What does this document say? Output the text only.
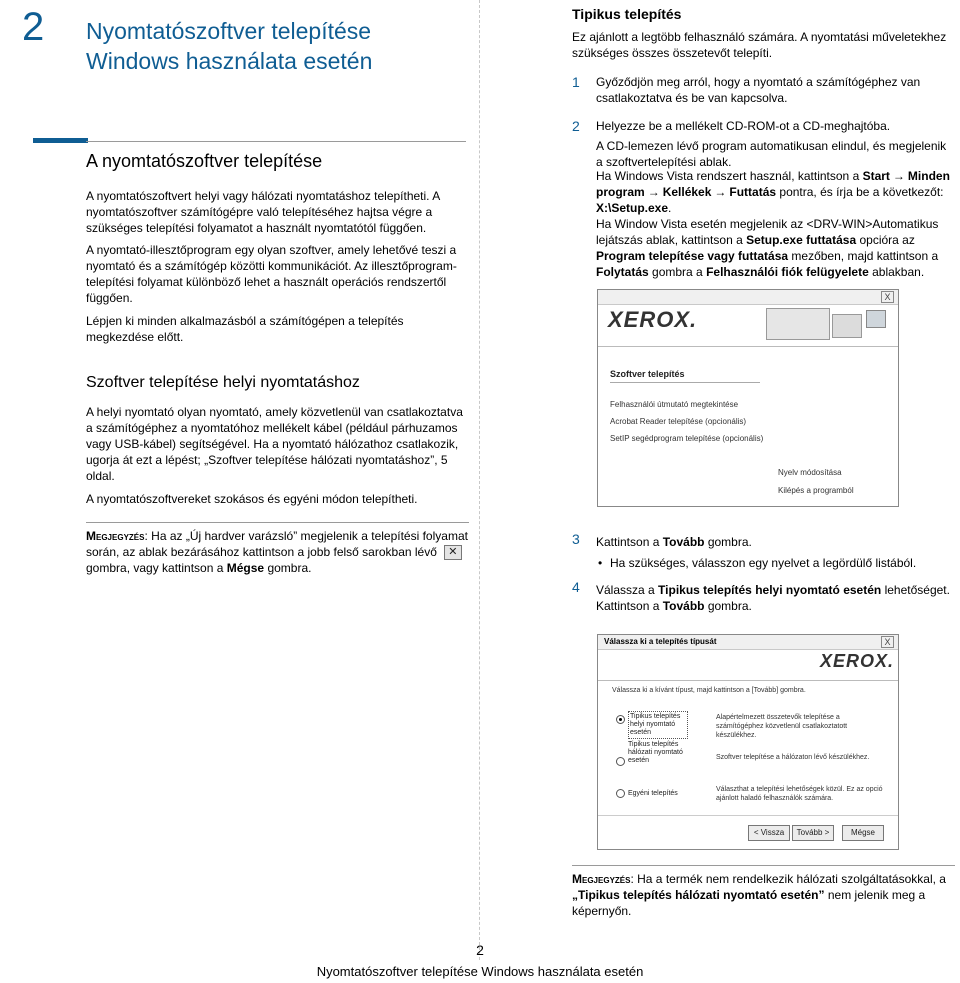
2 Nyomtatószoftver telepítése
Windows használata esetén
A nyomtatószoftver telepítése

A nyomtatószoftvert helyi vagy hálózati nyomtatáshoz telepítheti. A nyomtatószoftver számítógépre való telepítéséhez hajtsa végre a szükséges telepítési folyamatot a használt nyomtatótól függően.

A nyomtató-illesztőprogram egy olyan szoftver, amely lehetővé teszi a nyomtató és a számítógép közötti kommunikációt. Az illesztőprogram-telepítési folyamat különböző lehet a használt operációs rendszertől függően.

Lépjen ki minden alkalmazásból a számítógépen a telepítés megkezdése előtt.

Szoftver telepítése helyi nyomtatáshoz

A helyi nyomtató olyan nyomtató, amely közvetlenül van csatlakoztatva a számítógéphez a nyomtatóhoz mellékelt kábel (például párhuzamos vagy USB-kábel) segítségével. Ha a nyomtató hálózathoz csatlakozik, ugorja át ezt a lépést; „Szoftver telepítése hálózati nyomtatáshoz”, 5 oldal.

A nyomtatószoftvereket szokásos és egyéni módon telepítheti.

Megjegyzés: Ha az „Új hardver varázsló” megjelenik a telepítési folyamat során, az ablak bezárásához kattintson a jobb felső sarokban lévő ✕
gombra, vagy kattintson a Mégse gombra.

Tipikus telepítés

Ez ajánlott a legtöbb felhasználó számára. A nyomtatási műveletekhez szükséges összes összetevőt telepíti.

1 Győződjön meg arról, hogy a nyomtató a számítógéphez van csatlakoztatva és be van kapcsolva.

2 Helyezze be a mellékelt CD-ROM-ot a CD-meghajtóba.

A CD-lemezen lévő program automatikusan elindul, és megjelenik a szoftvertelepítési ablak.

Ha Windows Vista rendszert használ, kattintson a Start → Minden program → Kellékek → Futtatás pontra, és írja be a következőt:
X:\Setup.exe.

Ha Window Vista esetén megjelenik az <DRV-WIN>Automatikus lejátszás ablak, kattintson a Setup.exe futtatása opcióra az Program telepítése vagy futtatása mezőben, majd kattintson a Folytatás gombra a Felhasználói fiók felügyelete ablakban.

X
XEROX.
Szoftver telepítés
Felhasználói útmutató megtekintése
Acrobat Reader telepítése (opcionális)
SetIP segédprogram telepítése (opcionális)
Nyelv módosítása
Kilépés a programból
3 Kattintson a Tovább gombra.

• Ha szükséges, válasszon egy nyelvet a legördülő listából.

4 Válassza a Tipikus telepítés helyi nyomtató esetén lehetőséget.
Kattintson a Tovább gombra.

Válassza ki a telepítés típusát	X
XEROX.
Válassza ki a kívánt típust, majd kattintson a [Tovább] gombra.
Tipikus telepítés helyi nyomtató esetén
Alapértelmezett összetevők telepítése a számítógéphez közvetlenül csatlakoztatott készülékhez.
Tipikus telepítés hálózati nyomtató esetén	Szoftver telepítése a hálózaton lévő készülékhez.
Egyéni telepítés
Választhat a telepítési lehetőségek közül. Ez az opció ajánlott haladó felhasználók számára.
< Vissza	Tovább >	Mégse

Megjegyzés: Ha a termék nem rendelkezik hálózati szolgáltatásokkal, a „Tipikus telepítés hálózati nyomtató esetén” nem jelenik meg a képernyőn.

2
Nyomtatószoftver telepítése Windows használata esetén
